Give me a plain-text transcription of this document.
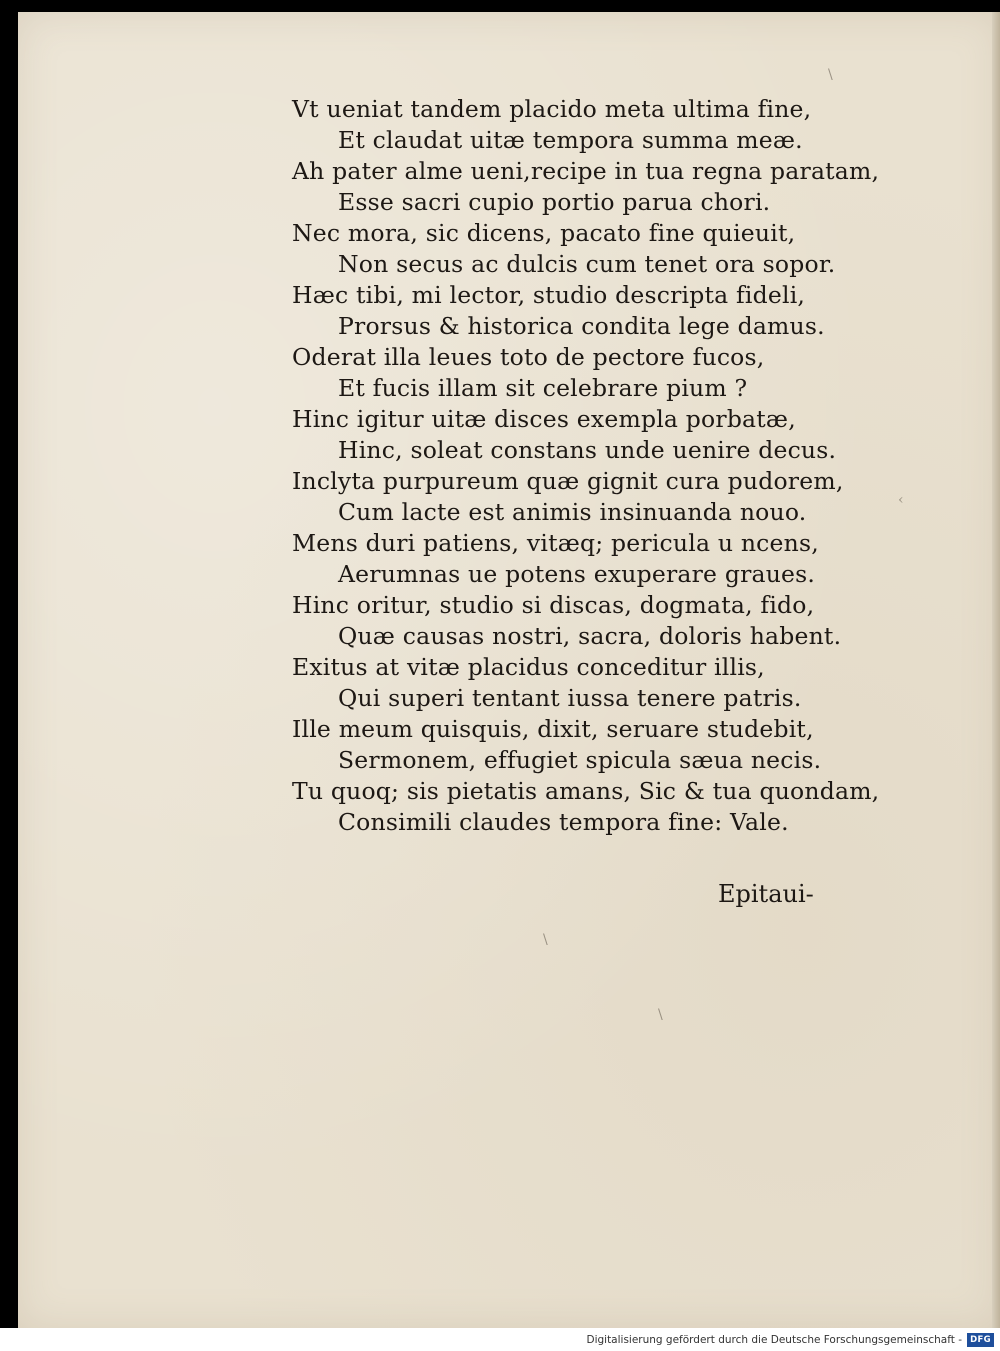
\
\
\
‹
Vt ueniat tandem placido meta ultima fine,
Et claudat uitæ tempora summa meæ.
Ah pater alme ueni,recipe in tua regna paratam,
Esse sacri cupio portio parua chori.
Nec mora, sic dicens, pacato fine quieuit,
Non secus ac dulcis cum tenet ora sopor.
Hæc tibi, mi lector, studio descripta fideli,
Prorsus & historica condita lege damus.
Oderat illa leues toto de pectore fucos,
Et fucis illam sit celebrare pium ?
Hinc igitur uitæ disces exempla porbatæ,
Hinc, soleat constans unde uenire decus.
Inclyta purpureum quæ gignit cura pudorem,
Cum lacte est animis insinuanda nouo.
Mens duri patiens, vitæq; pericula u ncens,
Aerumnas ue potens exuperare graues.
Hinc oritur, studio si discas, dogmata, fido,
Quæ causas nostri, sacra, doloris habent.
Exitus at vitæ placidus conceditur illis,
Qui superi tentant iussa tenere patris.
Ille meum quisquis, dixit, seruare studebit,
Sermonem, effugiet spicula sæua necis.
Tu quoq; sis pietatis amans, Sic & tua quondam,
Consimili claudes tempora fine: Vale.
Epitaui-
Digitalisierung gefördert durch die Deutsche Forschungsgemeinschaft - DFG
